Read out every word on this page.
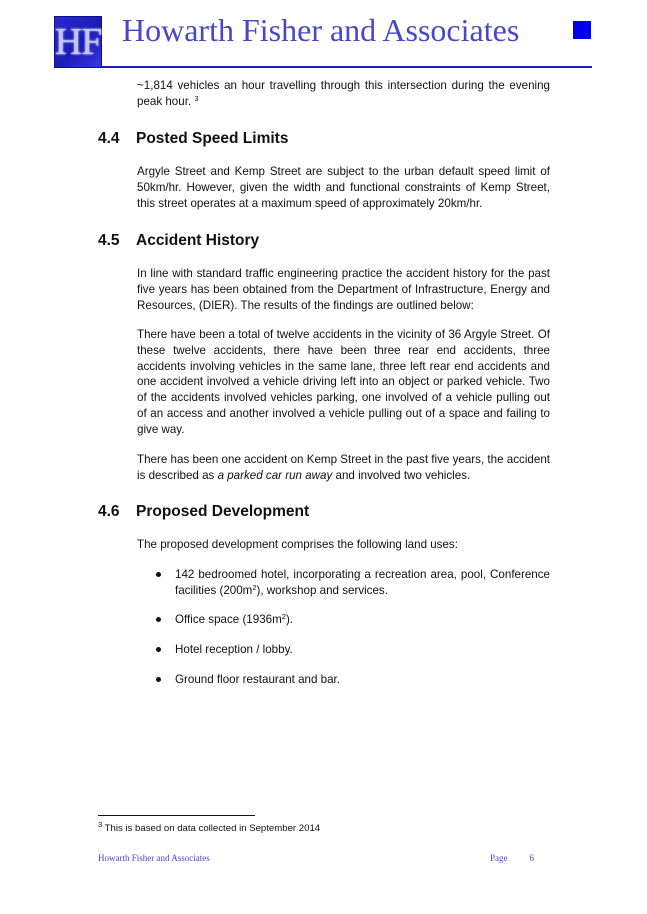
HF Howarth Fisher and Associates

~1,814 vehicles an hour travelling through this intersection during the evening peak hour. $^3$

4.4 Posted Speed Limits

Argyle Street and Kemp Street are subject to the urban default speed limit of 50km/hr. However, given the width and functional constraints of Kemp Street, this street operates at a maximum speed of approximately 20km/hr.

4.5 Accident History

In line with standard traffic engineering practice the accident history for the past five years has been obtained from the Department of Infrastructure, Energy and Resources, (DIER). The results of the findings are outlined below:

There have been a total of twelve accidents in the vicinity of 36 Argyle Street. Of these twelve accidents, there have been three rear end accidents, three accidents involving vehicles in the same lane, three left rear end accidents and one accident involved a vehicle driving left into an object or parked vehicle. Two of the accidents involved vehicles parking, one involved of a vehicle pulling out of an access and another involved a vehicle pulling out of a space and failing to give way.

There has been one accident on Kemp Street in the past five years, the accident is described as a parked car run away and involved two vehicles.

4.6 Proposed Development

The proposed development comprises the following land uses:

142 bedroomed hotel, incorporating a recreation area, pool, Conference facilities $(200m^2)$, workshop and services.
Office space $(1936m^2)$.
Hotel reception / lobby.
Ground floor restaurant and bar.
$^3$ This is based on data collected in September 2014
Howarth Fisher and Associates	Page 6
